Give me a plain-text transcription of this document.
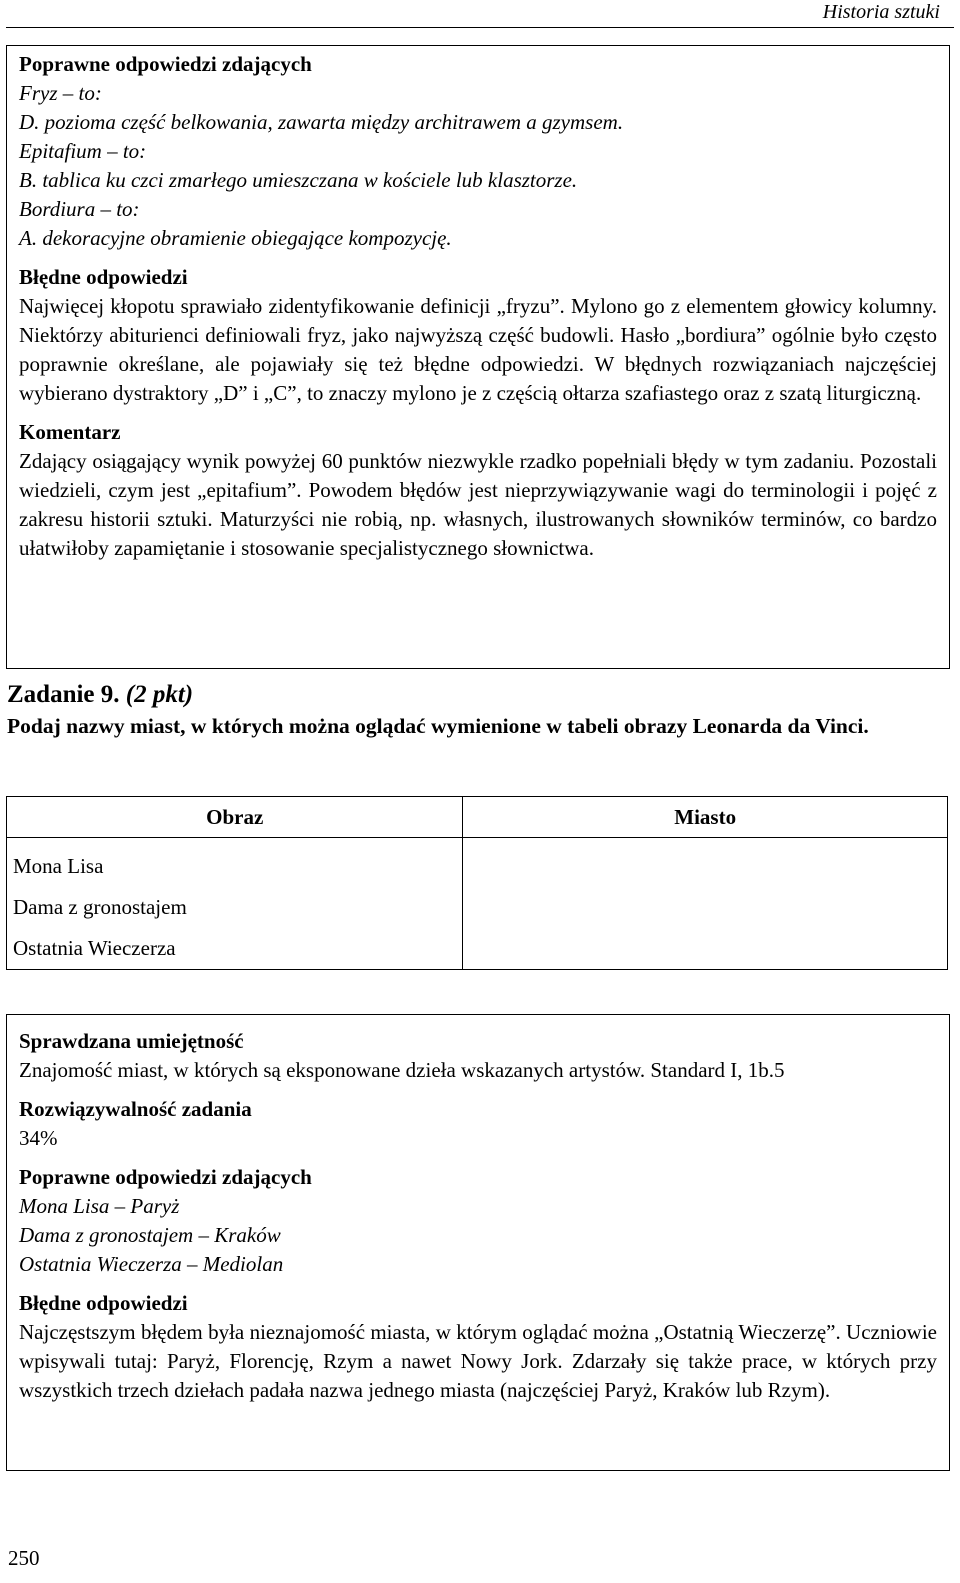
Historia sztuki
Poprawne odpowiedzi zdających
Fryz – to:
D. pozioma część belkowania, zawarta między architrawem a gzymsem.
Epitafium – to:
B. tablica ku czci zmarłego umieszczana w kościele lub klasztorze.
Bordiura – to:
A. dekoracyjne obramienie obiegające kompozycję.
Błędne odpowiedzi
Najwięcej kłopotu sprawiało zidentyfikowanie definicji „fryzu”. Mylono go z elementem głowicy kolumny. Niektórzy abiturienci definiowali fryz, jako najwyższą część budowli. Hasło „bordiura” ogólnie było często poprawnie określane, ale pojawiały się też błędne odpowiedzi. W błędnych rozwiązaniach najczęściej wybierano dystraktory „D” i „C”, to znaczy mylono je z częścią ołtarza szafiastego oraz z szatą liturgiczną.
Komentarz
Zdający osiągający wynik powyżej 60 punktów niezwykle rzadko popełniali błędy w tym zadaniu. Pozostali wiedzieli, czym jest „epitafium”. Powodem błędów jest nieprzywiązywanie wagi do terminologii i pojęć z zakresu historii sztuki. Maturzyści nie robią, np. własnych, ilustrowanych słowników terminów, co bardzo ułatwiłoby zapamiętanie i stosowanie specjalistycznego słownictwa.
Zadanie 9. (2 pkt)
Podaj nazwy miast, w których można oglądać wymienione w tabeli obrazy Leonarda da Vinci.
Obraz	Miasto

Mona Lisa
Dama z gronostajem
Ostatnia Wieczerza	

Sprawdzana umiejętność
Znajomość miast, w których są eksponowane dzieła wskazanych artystów. Standard I, 1b.5
Rozwiązywalność zadania
34%
Poprawne odpowiedzi zdających
Mona Lisa – Paryż
Dama z gronostajem – Kraków
Ostatnia Wieczerza – Mediolan
Błędne odpowiedzi
Najczęstszym błędem była nieznajomość miasta, w którym oglądać można „Ostatnią Wieczerzę”. Uczniowie wpisywali tutaj: Paryż, Florencję, Rzym a nawet Nowy Jork. Zdarzały się także prace, w których przy wszystkich trzech dziełach padała nazwa jednego miasta (najczęściej Paryż, Kraków lub Rzym).
250
